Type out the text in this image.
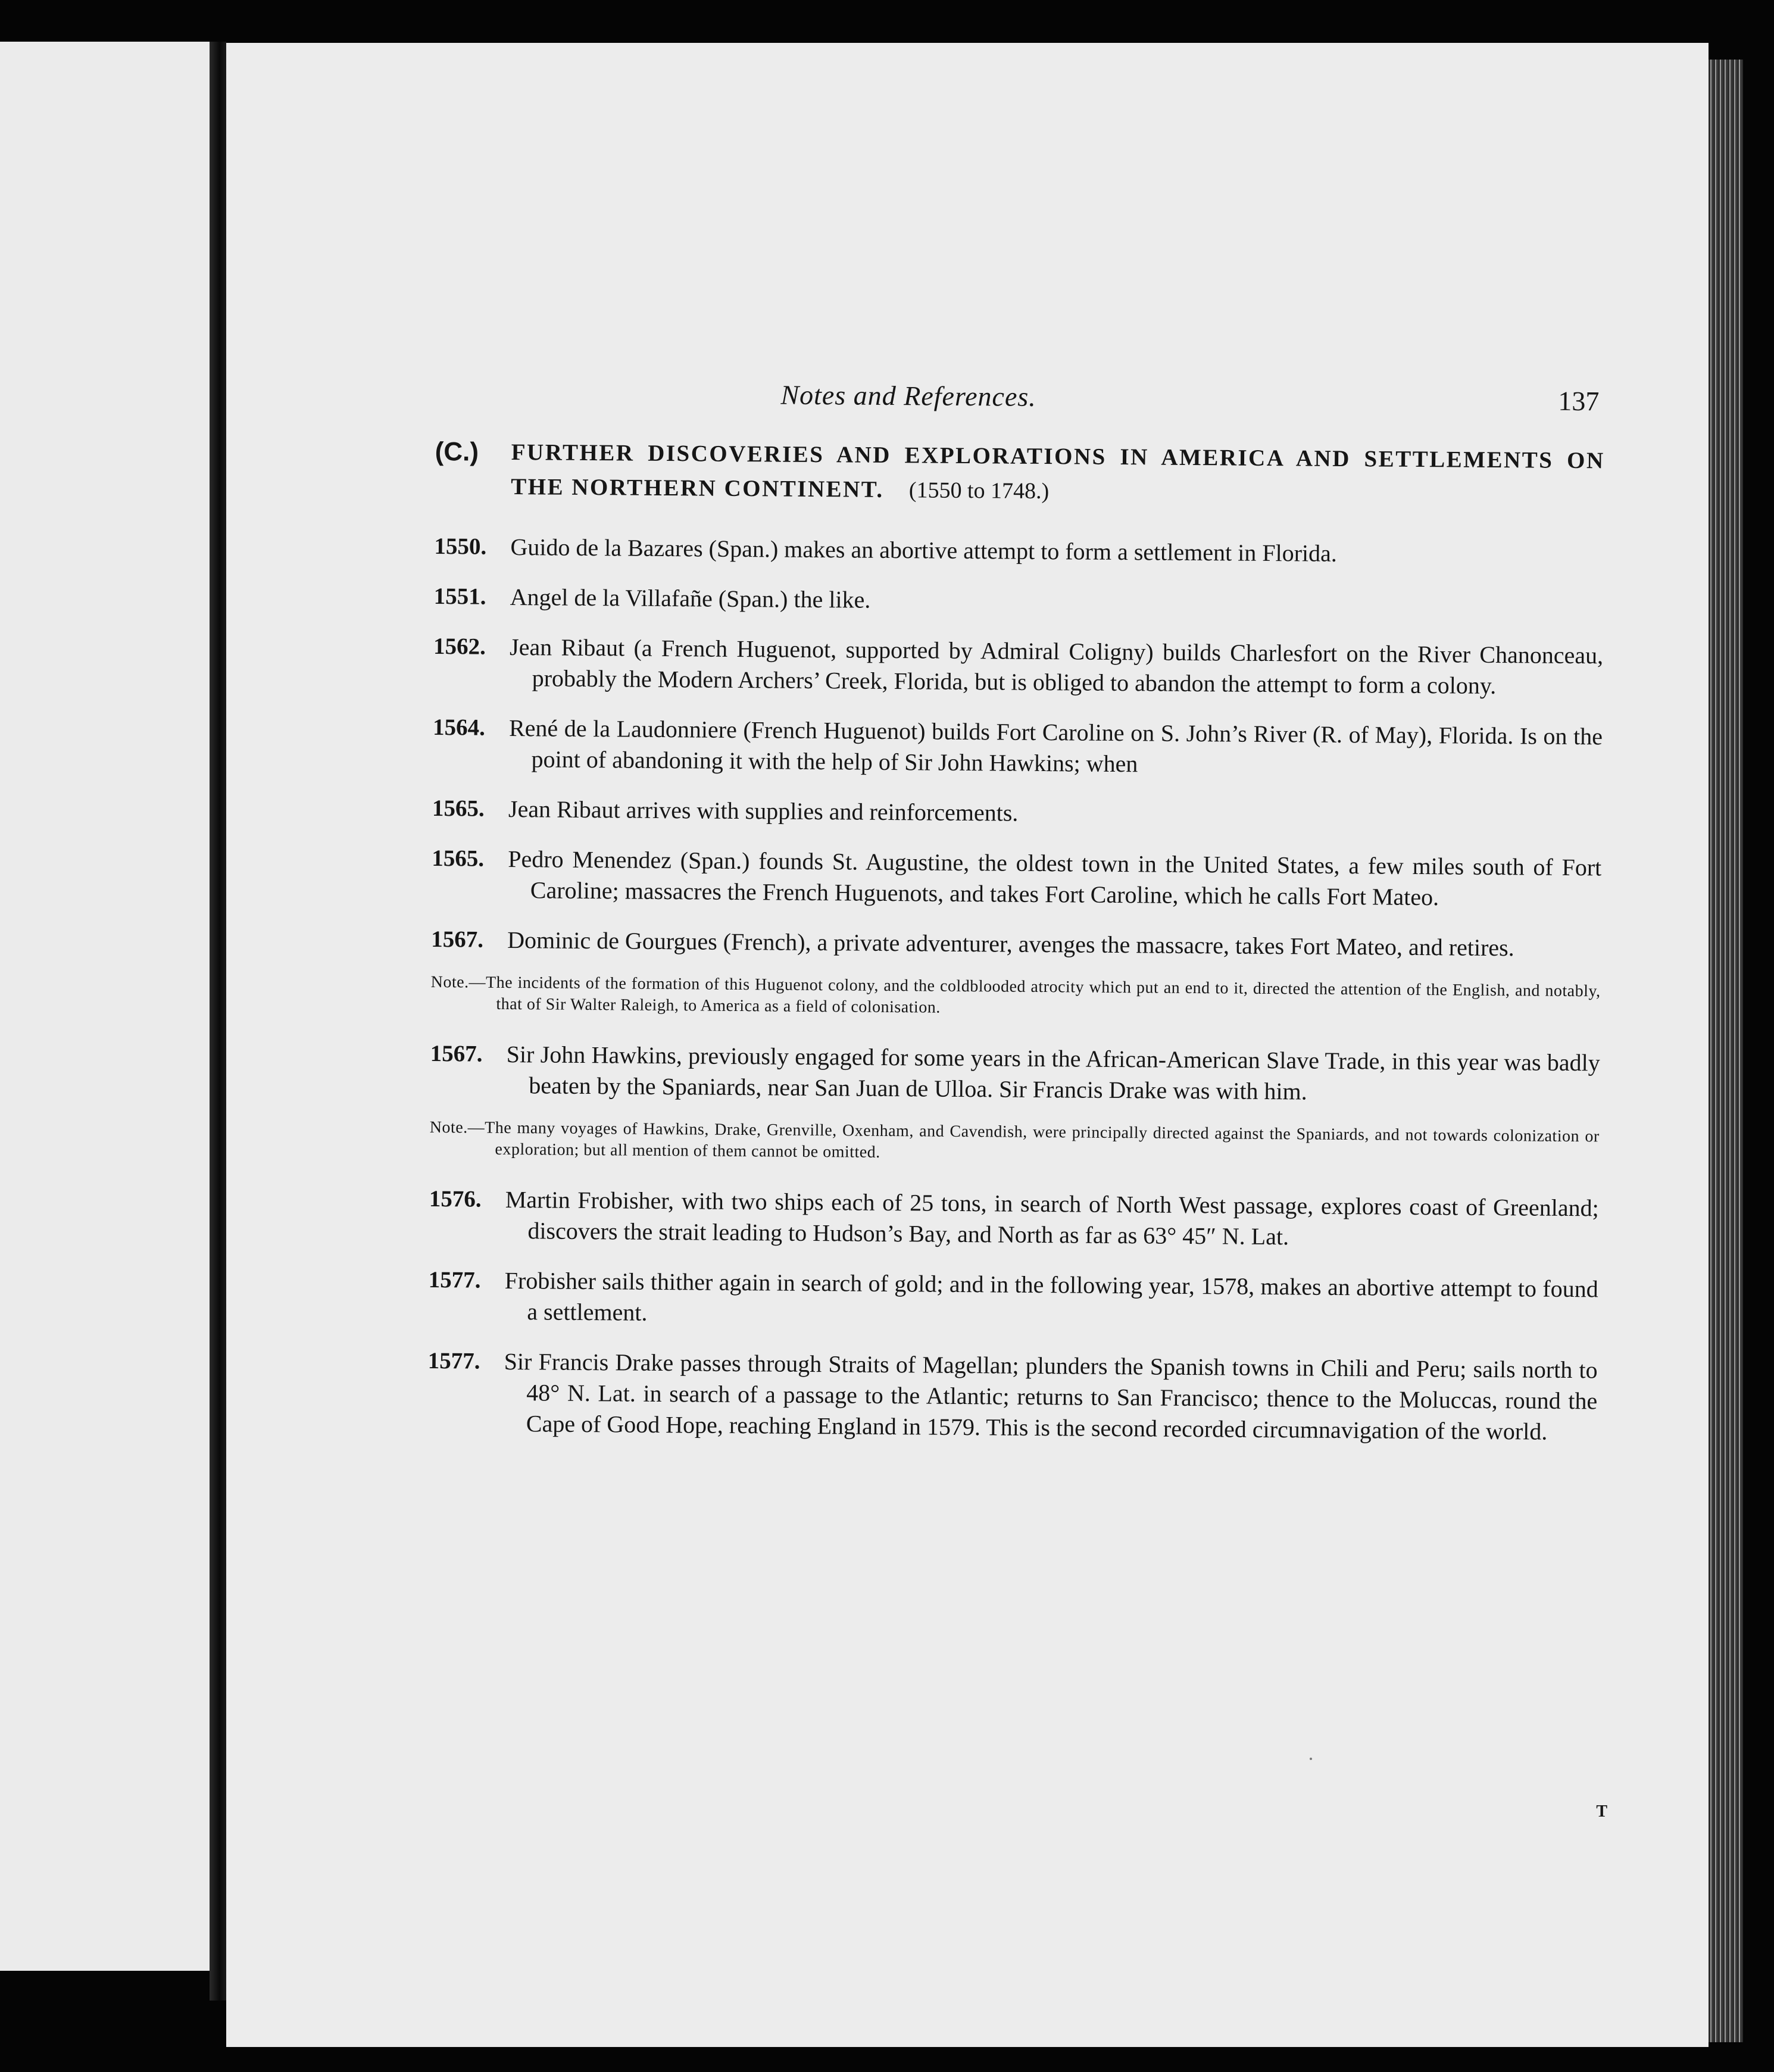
Notes and References.	137
(C.)	FURTHER DISCOVERIES AND EXPLORATIONS IN AMERICA AND SETTLEMENTS ON THE NORTHERN CONTINENT. (1550 to 1748.)
1550. Guido de la Bazares (Span.) makes an abortive attempt to form a settlement in Florida.
1551. Angel de la Villafañe (Span.) the like.
1562. Jean Ribaut (a French Huguenot, supported by Admiral Coligny) builds Charlesfort on the River Chanonceau, probably the Modern Archers’ Creek, Florida, but is obliged to abandon the attempt to form a colony.
1564. René de la Laudonniere (French Huguenot) builds Fort Caroline on S. John’s River (R. of May), Florida. Is on the point of abandoning it with the help of Sir John Hawkins; when
1565. Jean Ribaut arrives with supplies and reinforcements.
1565. Pedro Menendez (Span.) founds St. Augustine, the oldest town in the United States, a few miles south of Fort Caroline; massacres the French Huguenots, and takes Fort Caroline, which he calls Fort Mateo.
1567. Dominic de Gourgues (French), a private adventurer, avenges the massacre, takes Fort Mateo, and retires.
Note.—The incidents of the formation of this Huguenot colony, and the coldblooded atrocity which put an end to it, directed the attention of the English, and notably, that of Sir Walter Raleigh, to America as a field of colonisation.
1567. Sir John Hawkins, previously engaged for some years in the African-American Slave Trade, in this year was badly beaten by the Spaniards, near San Juan de Ulloa. Sir Francis Drake was with him.
Note.—The many voyages of Hawkins, Drake, Grenville, Oxenham, and Cavendish, were principally directed against the Spaniards, and not towards colonization or exploration; but all mention of them cannot be omitted.
1576. Martin Frobisher, with two ships each of 25 tons, in search of North West passage, explores coast of Greenland; discovers the strait leading to Hudson’s Bay, and North as far as 63° 45″ N. Lat.
1577. Frobisher sails thither again in search of gold; and in the following year, 1578, makes an abortive attempt to found a settlement.
1577. Sir Francis Drake passes through Straits of Magellan; plunders the Spanish towns in Chili and Peru; sails north to 48° N. Lat. in search of a passage to the Atlantic; returns to San Francisco; thence to the Moluccas, round the Cape of Good Hope, reaching England in 1579. This is the second recorded circumnavigation of the world.
T
